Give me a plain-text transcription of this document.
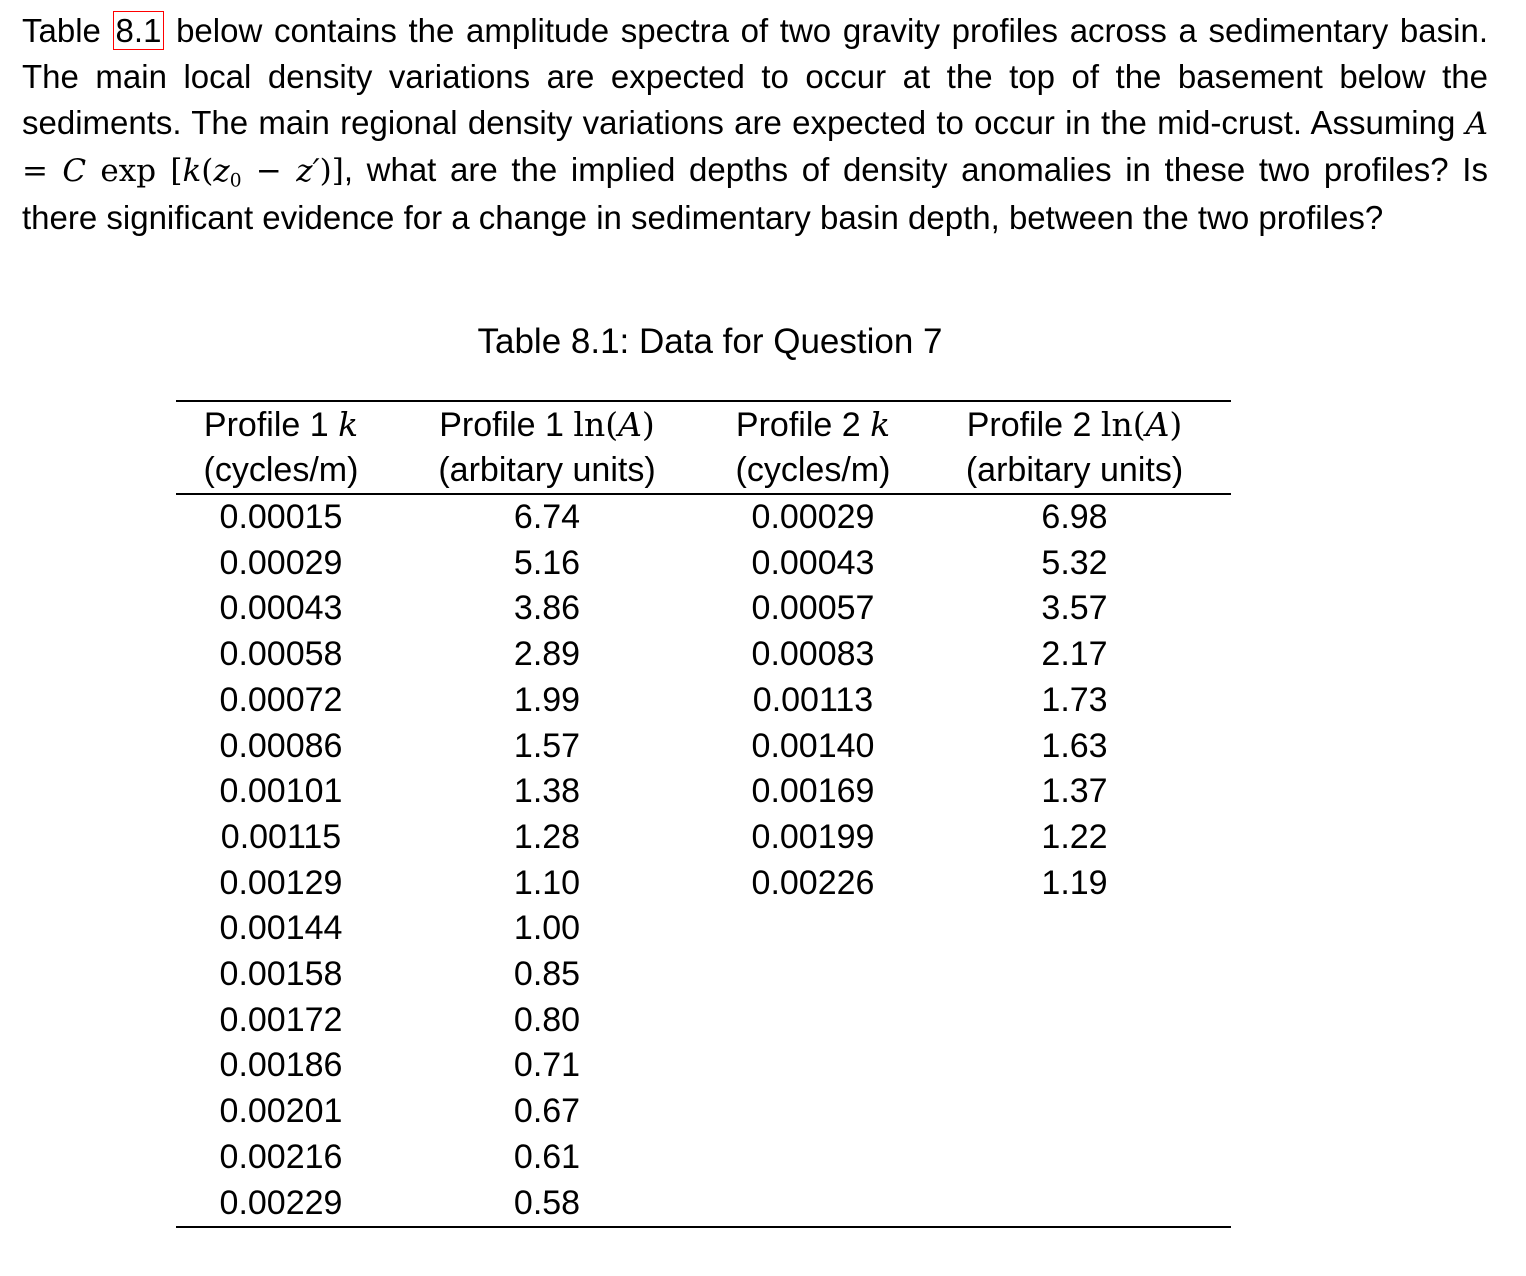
Table 8.1 below contains the amplitude spectra of two gravity profiles across a sedimentary basin. The main local density variations are expected to occur at the top of the basement below the sediments. The main regional density variations are expected to occur in the mid-crust. Assuming A = C $\exp [k(z_0 - z')]$, what are the implied depths of density anomalies in these two profiles? Is there significant evidence for a change in sedimentary basin depth, between the two profiles?
Table 8.1: Data for Question 7
Profile 1 k	Profile 1 ln(A)	Profile 2 k	Profile 2 ln(A)
(cycles/m)	(arbitary units)	(cycles/m)	(arbitary units)
0.00015	6.74	0.00029	6.98
0.00029	5.16	0.00043	5.32
0.00043	3.86	0.00057	3.57
0.00058	2.89	0.00083	2.17
0.00072	1.99	0.00113	1.73
0.00086	1.57	0.00140	1.63
0.00101	1.38	0.00169	1.37
0.00115	1.28	0.00199	1.22
0.00129	1.10	0.00226	1.19
0.00144	1.00		
0.00158	0.85		
0.00172	0.80		
0.00186	0.71		
0.00201	0.67		
0.00216	0.61		
0.00229	0.58		
